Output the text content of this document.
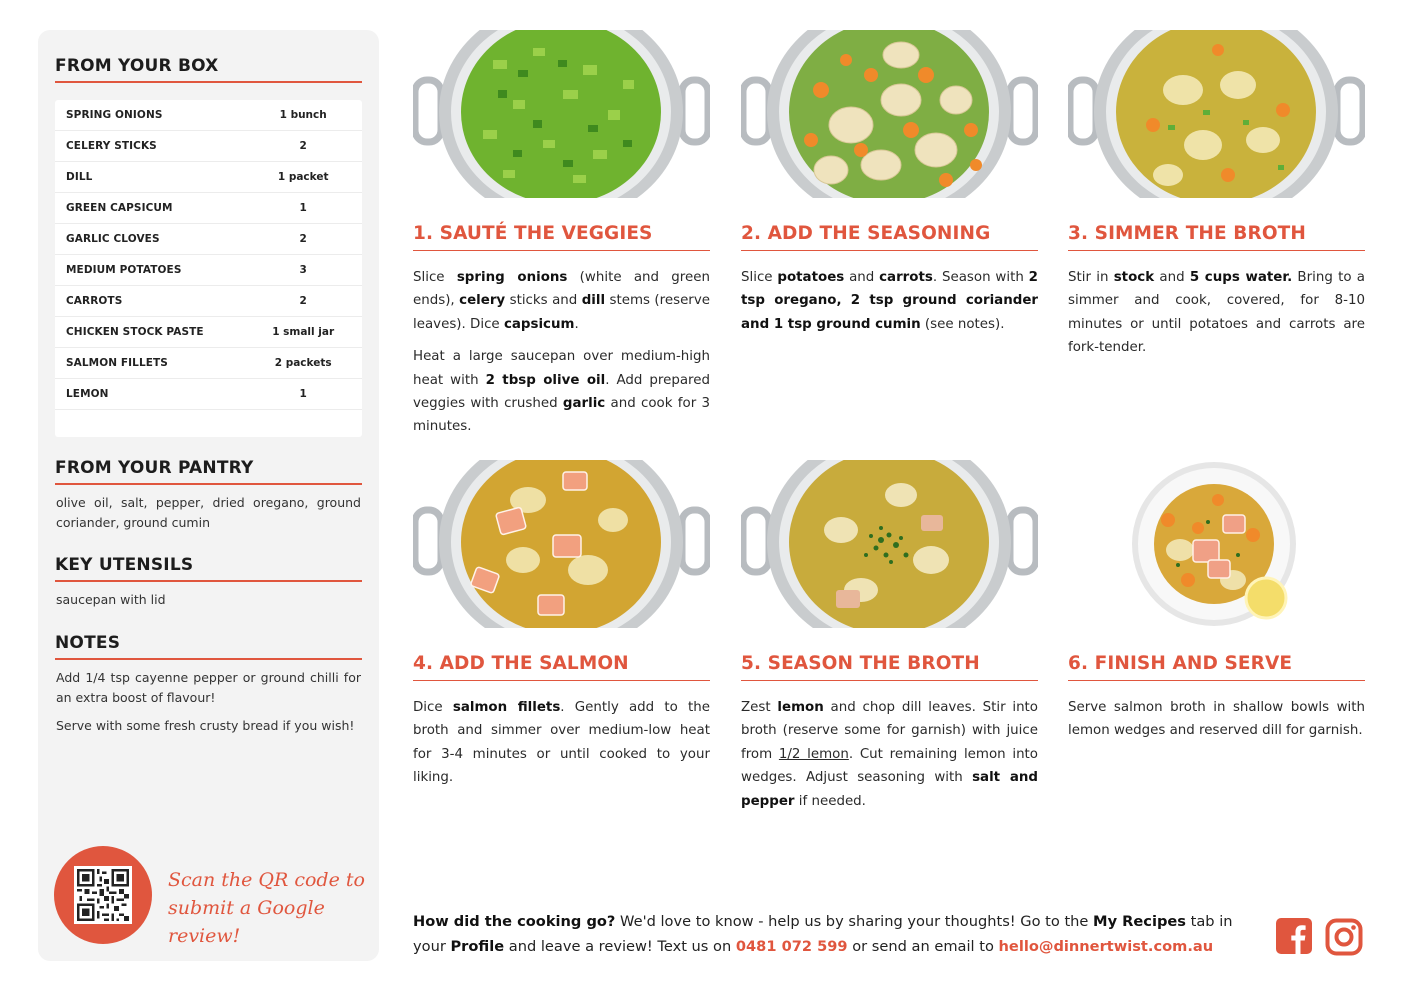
FROM YOUR BOX
SPRING ONIONS	1 bunch
CELERY STICKS	2
DILL	1 packet
GREEN CAPSICUM	1
GARLIC CLOVES	2
MEDIUM POTATOES	3
CARROTS	2
CHICKEN STOCK PASTE	1 small jar
SALMON FILLETS	2 packets
LEMON	1
FROM YOUR PANTRY
olive oil, salt, pepper, dried oregano, ground coriander, ground cumin
KEY UTENSILS
saucepan with lid
NOTES
Add 1/4 tsp cayenne pepper or ground chilli for an extra boost of flavour!
Serve with some fresh crusty bread if you wish!
Scan the QR code to
submit a Google review!
1. SAUTÉ THE VEGGIES

Slice spring onions (white and green ends), celery sticks and dill stems (reserve leaves). Dice capsicum.

Heat a large saucepan over medium-high heat with 2 tbsp olive oil. Add prepared veggies with crushed garlic and cook for 3 minutes.

2. ADD THE SEASONING

Slice potatoes and carrots. Season with 2 tsp oregano, 2 tsp ground coriander and 1 tsp ground cumin (see notes).

3. SIMMER THE BROTH

Stir in stock and 5 cups water. Bring to a simmer and cook, covered, for 8-10 minutes or until potatoes and carrots are fork-tender.

4. ADD THE SALMON

Dice salmon fillets. Gently add to the broth and simmer over medium-low heat for 3-4 minutes or until cooked to your liking.

5. SEASON THE BROTH

Zest lemon and chop dill leaves. Stir into broth (reserve some for garnish) with juice from 1/2 lemon. Cut remaining lemon into wedges. Adjust seasoning with salt and pepper if needed.

6. FINISH AND SERVE

Serve salmon broth in shallow bowls with lemon wedges and reserved dill for garnish.

How did the cooking go? We'd love to know - help us by sharing your thoughts! Go to the My Recipes tab in your Profile and leave a review! Text us on 0481 072 599 or send an email to hello@dinnertwist.com.au
